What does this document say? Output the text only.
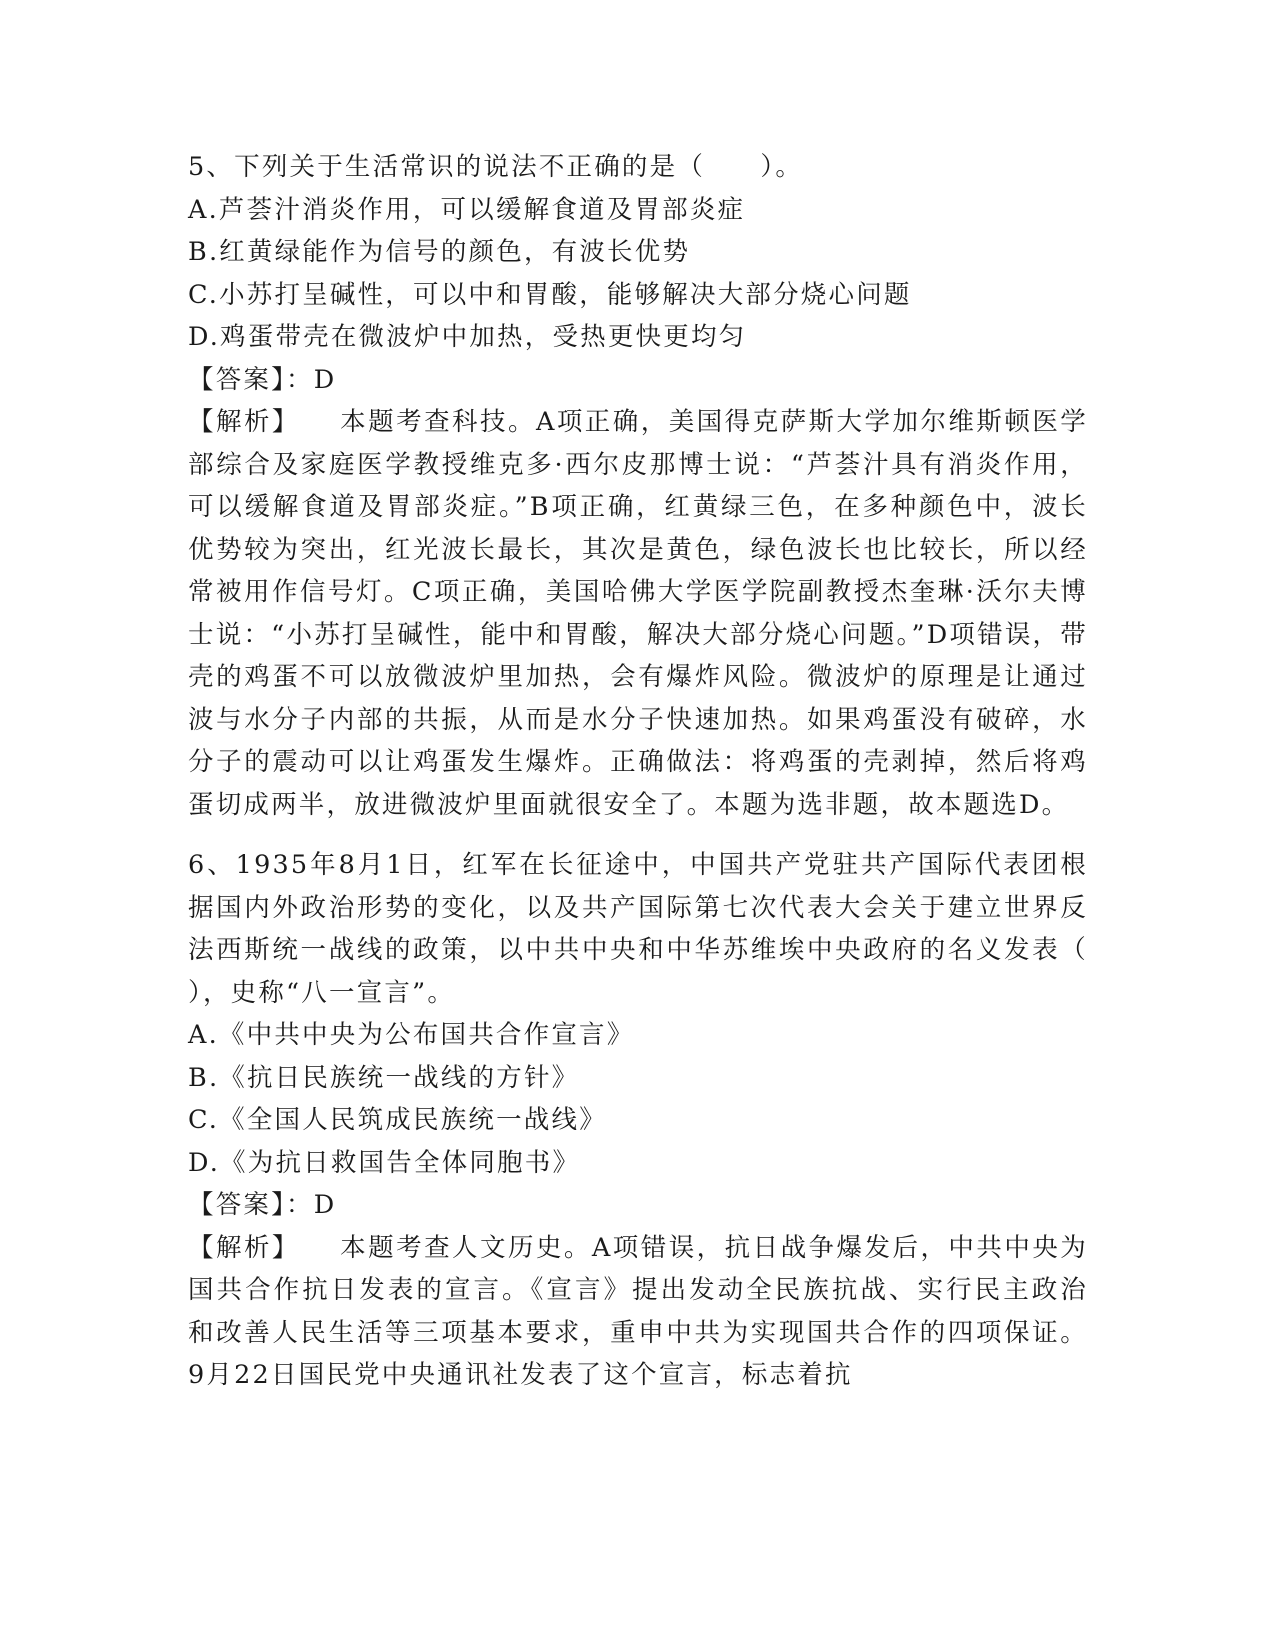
5、下列关于生活常识的说法不正确的是（　　）。
A.芦荟汁消炎作用，可以缓解食道及胃部炎症
B.红黄绿能作为信号的颜色，有波长优势
C.小苏打呈碱性，可以中和胃酸，能够解决大部分烧心问题
D.鸡蛋带壳在微波炉中加热，受热更快更均匀
【答案】：D
【解析】 本题考查科技。A项正确，美国得克萨斯大学加尔维斯顿医学部综合及家庭医学教授维克多·西尔皮那博士说：“芦荟汁具有消炎作用，可以缓解食道及胃部炎症。”B项正确，红黄绿三色，在多种颜色中，波长优势较为突出，红光波长最长，其次是黄色，绿色波长也比较长，所以经常被用作信号灯。C项正确，美国哈佛大学医学院副教授杰奎琳·沃尔夫博士说：“小苏打呈碱性，能中和胃酸，解决大部分烧心问题。”D项错误，带壳的鸡蛋不可以放微波炉里加热，会有爆炸风险。微波炉的原理是让通过波与水分子内部的共振，从而是水分子快速加热。如果鸡蛋没有破碎，水分子的震动可以让鸡蛋发生爆炸。正确做法：将鸡蛋的壳剥掉，然后将鸡蛋切成两半，放进微波炉里面就很安全了。本题为选非题，故本题选D。
6、1935年8月1日，红军在长征途中，中国共产党驻共产国际代表团根据国内外政治形势的变化，以及共产国际第七次代表大会关于建立世界反法西斯统一战线的政策，以中共中央和中华苏维埃中央政府的名义发表（　　），史称“八一宣言”。
A.《中共中央为公布国共合作宣言》
B.《抗日民族统一战线的方针》
C.《全国人民筑成民族统一战线》
D.《为抗日救国告全体同胞书》
【答案】：D
【解析】 本题考查人文历史。A项错误，抗日战争爆发后，中共中央为国共合作抗日发表的宣言。《宣言》提出发动全民族抗战、实行民主政治和改善人民生活等三项基本要求，重申中共为实现国共合作的四项保证。9月22日国民党中央通讯社发表了这个宣言，标志着抗
